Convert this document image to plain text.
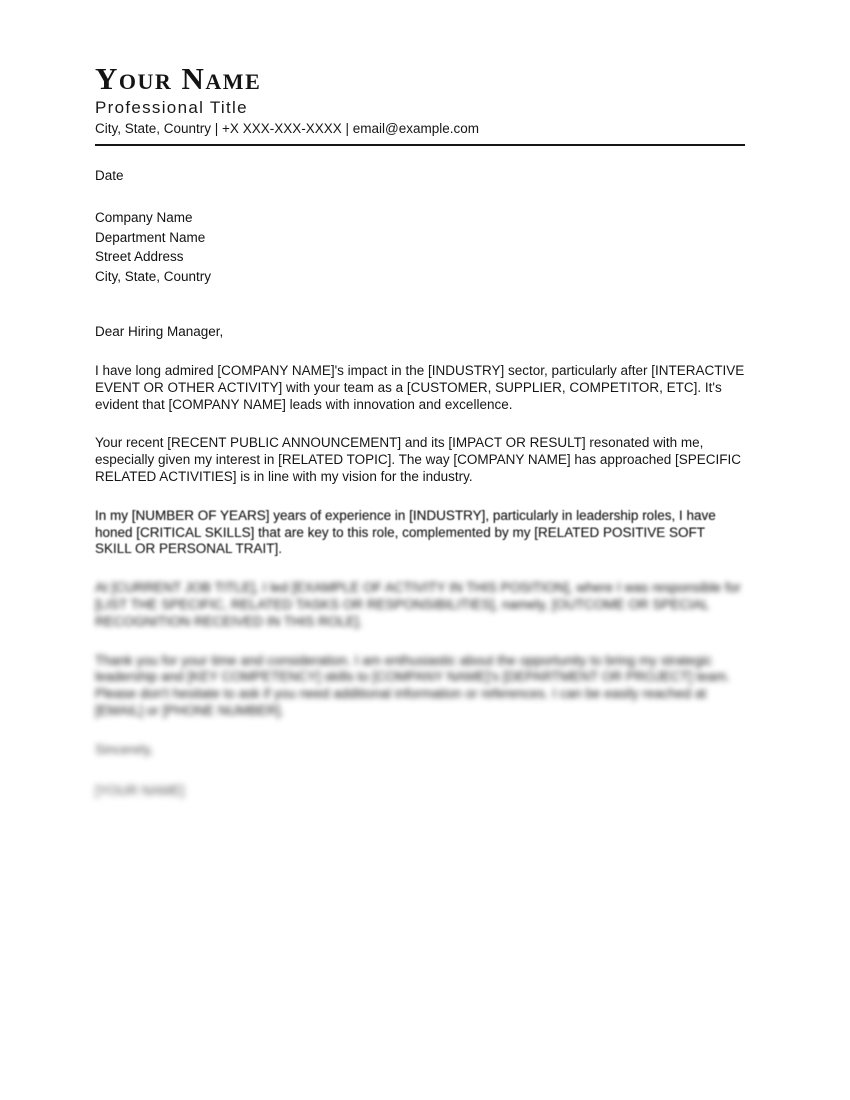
Your Name
Professional Title
City, State, Country | +X XXX-XXX-XXXX | email@example.com
Date
Company Name
Department Name
Street Address
City, State, Country
Dear Hiring Manager,

I have long admired [COMPANY NAME]'s impact in the [INDUSTRY] sector, particularly after [INTERACTIVE EVENT OR OTHER ACTIVITY] with your team as a [CUSTOMER, SUPPLIER, COMPETITOR, ETC]. It's evident that [COMPANY NAME] leads with innovation and excellence.

Your recent [RECENT PUBLIC ANNOUNCEMENT] and its [IMPACT OR RESULT] resonated with me, especially given my interest in [RELATED TOPIC]. The way [COMPANY NAME] has approached [SPECIFIC RELATED ACTIVITIES] is in line with my vision for the industry.

In my [NUMBER OF YEARS] years of experience in [INDUSTRY], particularly in leadership roles, I have honed [CRITICAL SKILLS] that are key to this role, complemented by my [RELATED POSITIVE SOFT SKILL OR PERSONAL TRAIT].

At [CURRENT JOB TITLE], I led [EXAMPLE OF ACTIVITY IN THIS POSITION], where I was responsible for [LIST THE SPECIFIC, RELATED TASKS OR RESPONSIBILITIES], namely, [OUTCOME OR SPECIAL RECOGNITION RECEIVED IN THIS ROLE].

Thank you for your time and consideration. I am enthusiastic about the opportunity to bring my strategic leadership and [KEY COMPETENCY] skills to [COMPANY NAME]'s [DEPARTMENT OR PROJECT] team. Please don't hesitate to ask if you need additional information or references. I can be easily reached at [EMAIL] or [PHONE NUMBER].

Sincerely,
[YOUR NAME]
